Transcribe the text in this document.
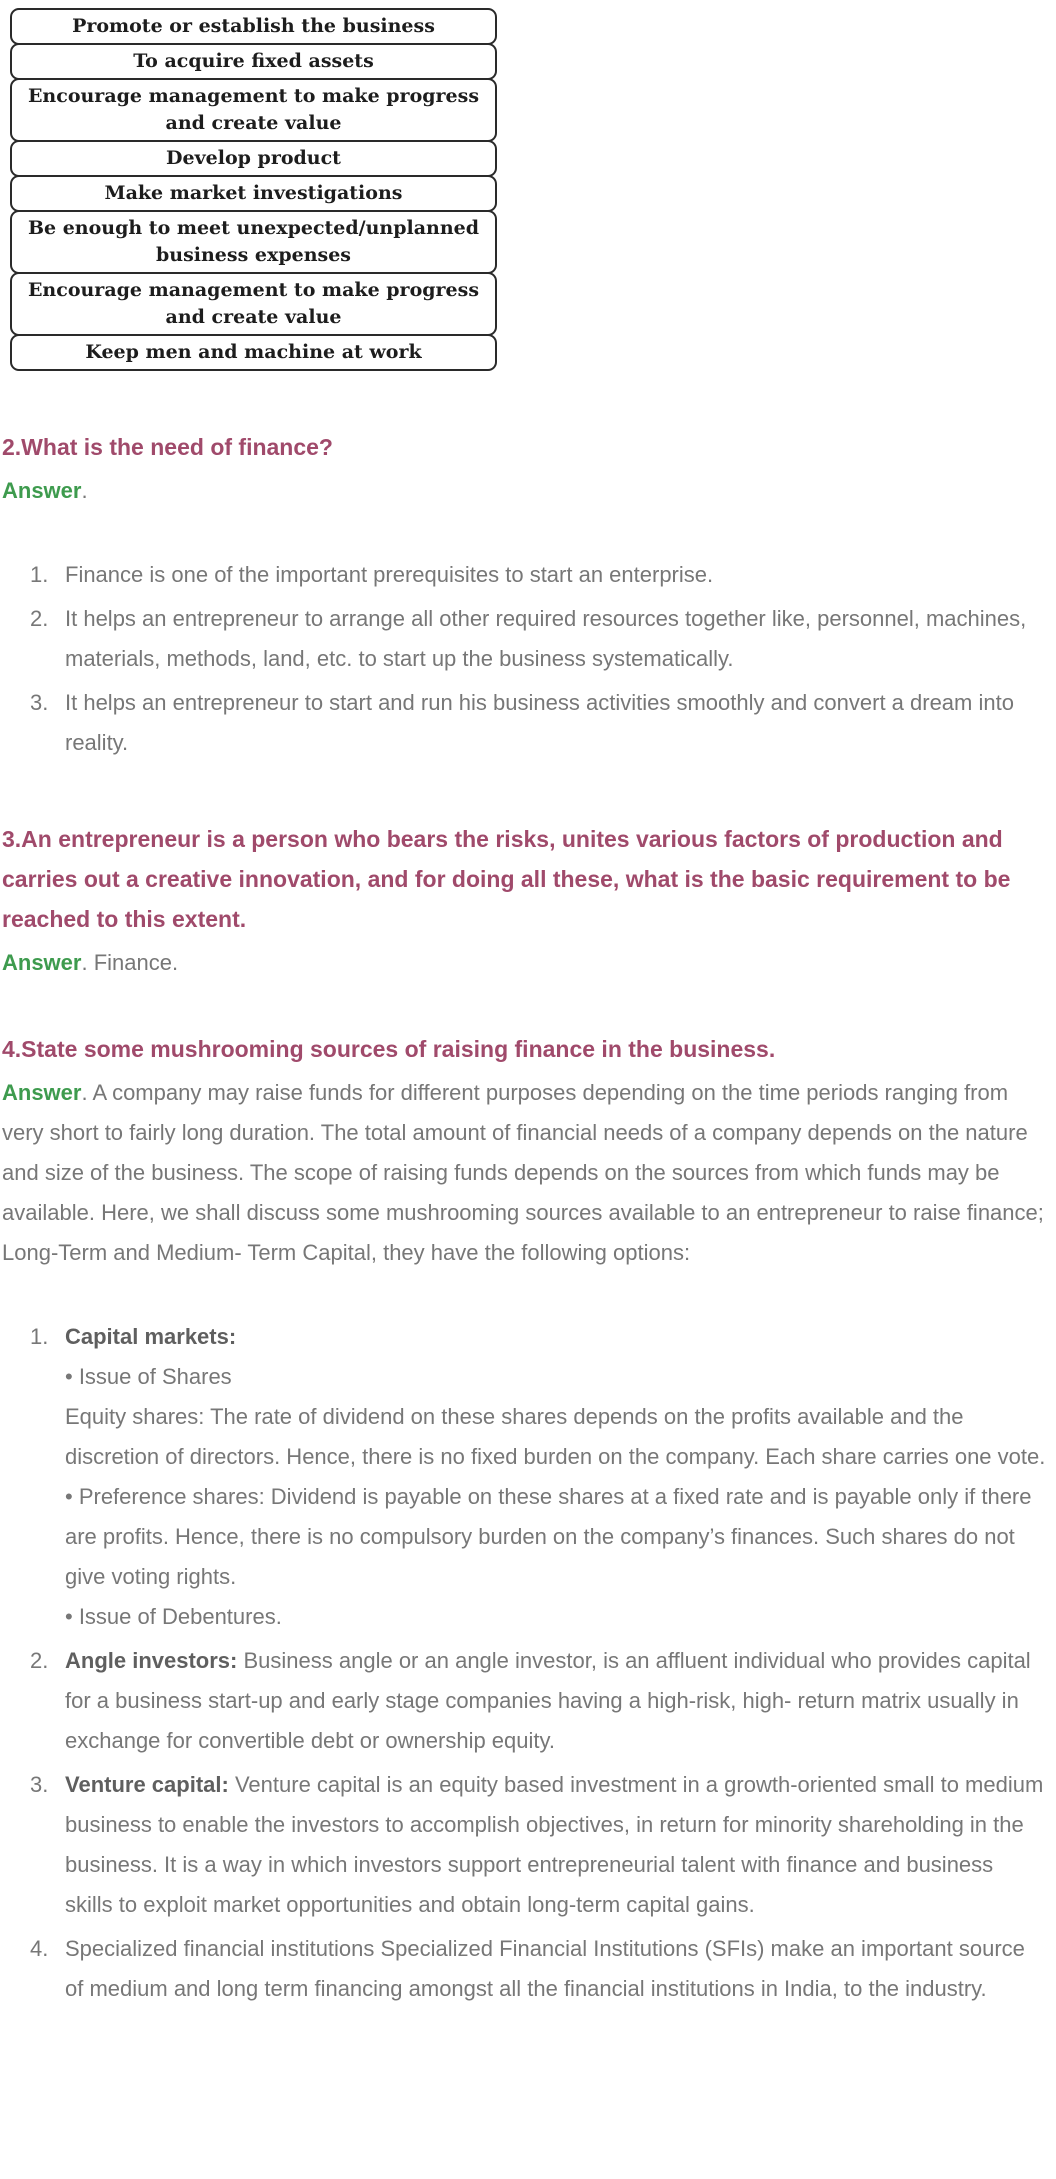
Promote or establish the business
To acquire fixed assets
Encourage management to make progress and create value
Develop product
Make market investigations
Be enough to meet unexpected/unplanned business expenses
Encourage management to make progress and create value
Keep men and machine at work
2.What is the need of finance?
Answer.
1. Finance is one of the important prerequisites to start an enterprise.
2. It helps an entrepreneur to arrange all other required resources together like, personnel, machines, materials, methods, land, etc. to start up the business systematically.
3. It helps an entrepreneur to start and run his business activities smoothly and convert a dream into reality.
3.An entrepreneur is a person who bears the risks, unites various factors of production and carries out a creative innovation, and for doing all these, what is the basic requirement to be reached to this extent.
Answer. Finance.
4.State some mushrooming sources of raising finance in the business.
Answer. A company may raise funds for different purposes depending on the time periods ranging from very short to fairly long duration. The total amount of financial needs of a company depends on the nature and size of the business. The scope of raising funds depends on the sources from which funds may be available. Here, we shall discuss some mushrooming sources available to an entrepreneur to raise finance; Long-Term and Medium- Term Capital, they have the following options:
1. Capital markets:
• Issue of Shares
Equity shares: The rate of dividend on these shares depends on the profits available and the discretion of directors. Hence, there is no fixed burden on the company. Each share carries one vote.
• Preference shares: Dividend is payable on these shares at a fixed rate and is payable only if there are profits. Hence, there is no compulsory burden on the company’s finances. Such shares do not give voting rights.
• Issue of Debentures.
2. Angle investors: Business angle or an angle investor, is an affluent individual who provides capital for a business start-up and early stage companies having a high-risk, high- return matrix usually in exchange for convertible debt or ownership equity.
3. Venture capital: Venture capital is an equity based investment in a growth-oriented small to medium business to enable the investors to accomplish objectives, in return for minority shareholding in the business. It is a way in which investors support entrepreneurial talent with finance and business skills to exploit market opportunities and obtain long-term capital gains.
4. Specialized financial institutions Specialized Financial Institutions (SFIs) make an important source of medium and long term financing amongst all the financial institutions in India, to the industry.
